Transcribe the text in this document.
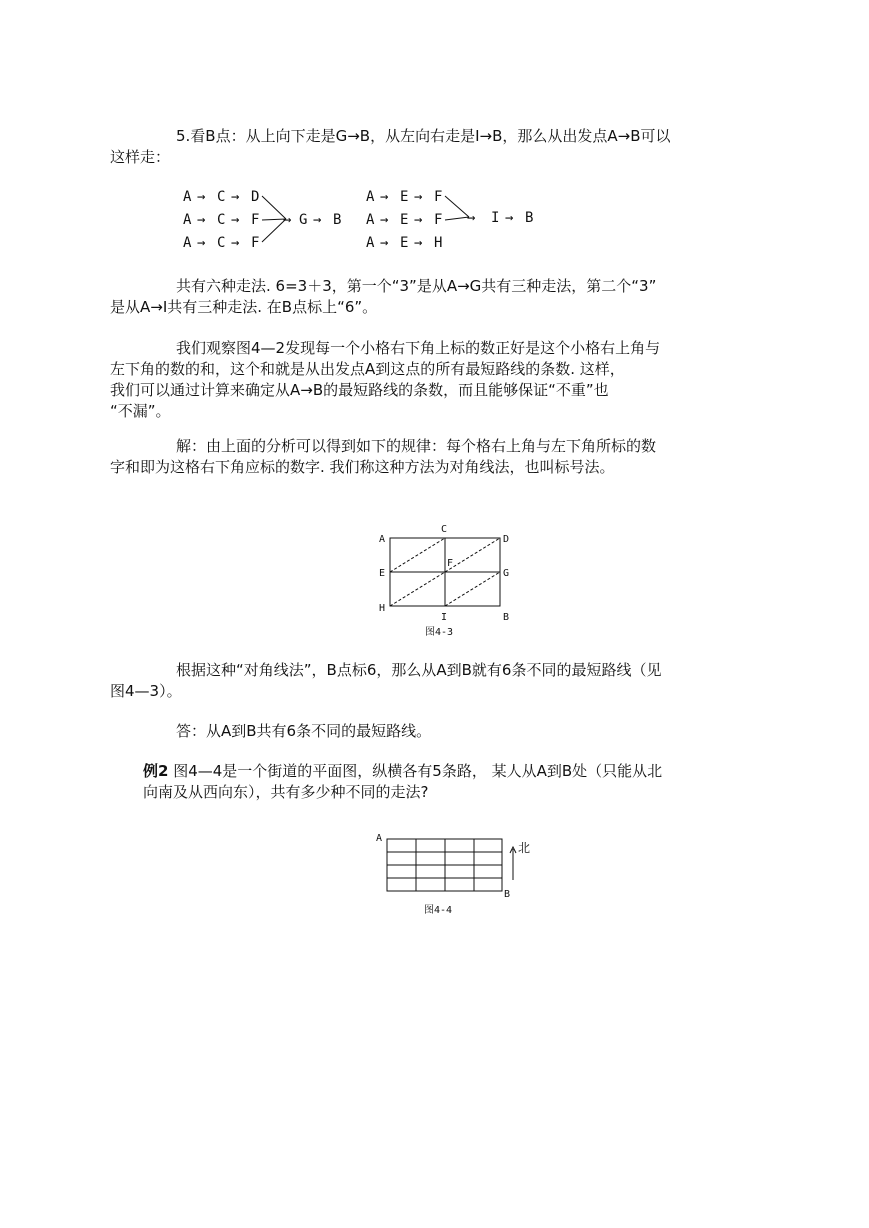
5.看B点：从上向下走是G→B，从左向右走是I→B，那么从出发点A→B可以
这样走：

A → C → D
A → C → F
A → C → F
→ G → B
A → E → F
A → E → F
A → E → H
→ I → B

共有六种走法. 6=3＋3，第一个“3”是从A→G共有三种走法，第二个“3”
是从A→I共有三种走法. 在B点标上“6”。

我们观察图4—2发现每一个小格右下角上标的数正好是这个小格右上角与
左下角的数的和，这个和就是从出发点A到这点的所有最短路线的条数. 这样，
我们可以通过计算来确定从A→B的最短路线的条数，而且能够保证“不重”也
“不漏”。

解：由上面的分析可以得到如下的规律：每个格右上角与左下角所标的数
字和即为这格右下角应标的数字. 我们称这种方法为对角线法，也叫标号法。

A
C
D
E
F
G
H
I	B
图4-3

根据这种“对角线法”，B点标6，那么从A到B就有6条不同的最短路线（见
图4—3）。

答：从A到B共有6条不同的最短路线。

例2 图4—4是一个街道的平面图，纵横各有5条路， 某人从A到B处（只能从北
向南及从西向东），共有多少种不同的走法?

A
B
北
图4-4
